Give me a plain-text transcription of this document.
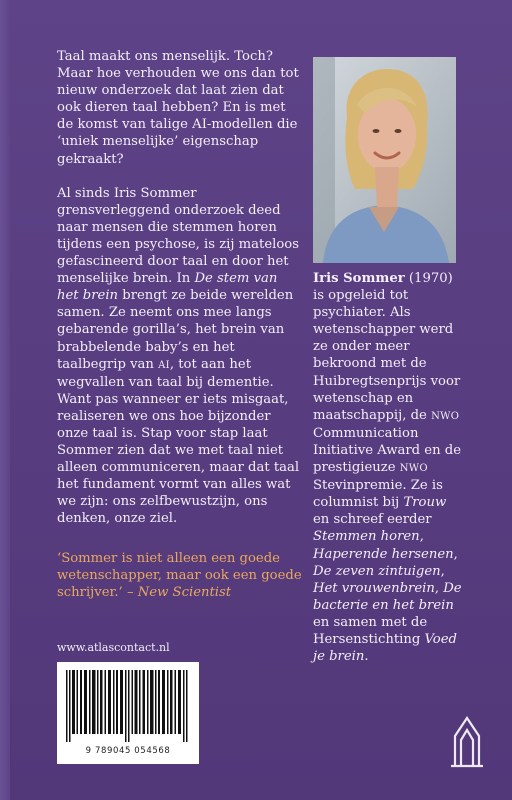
Taal maakt ons menselijk. Toch? Maar hoe verhouden we ons dan tot nieuw onderzoek dat laat zien dat ook dieren taal hebben? En is met de komst van talige AI-modellen die ‘uniek menselijke’ eigenschap gekraakt?

Al sinds Iris Sommer grensverleggend onderzoek deed naar mensen die stemmen horen tijdens een psychose, is zij mateloos gefascineerd door taal en door het menselijke brein. In De stem van het brein brengt ze beide werelden samen. Ze neemt ons mee langs gebarende gorilla’s, het brein van brabbelende baby’s en het taalbegrip van AI, tot aan het wegvallen van taal bij dementie. Want pas wanneer er iets misgaat, realiseren we ons hoe bijzonder onze taal is. Stap voor stap laat Sommer zien dat we met taal niet alleen communiceren, maar dat taal het fundament vormt van alles wat we zijn: ons zelfbewustzijn, ons denken, onze ziel.

‘Sommer is niet alleen een goede wetenschapper, maar ook een goede schrijver.’ – New Scientist

www.atlascontact.nl
9 789045 054568

Iris Sommer (1970) is opgeleid tot psychiater. Als wetenschapper werd ze onder meer bekroond met de Huibregtsenprijs voor wetenschap en maatschappij, de NWO Communication Initiative Award en de prestigieuze NWO Stevinpremie. Ze is columnist bij Trouw en schreef eerder Stemmen horen, Haperende hersenen, De zeven zintuigen, Het vrouwenbrein, De bacterie en het brein en samen met de Hersenstichting Voed je brein.
